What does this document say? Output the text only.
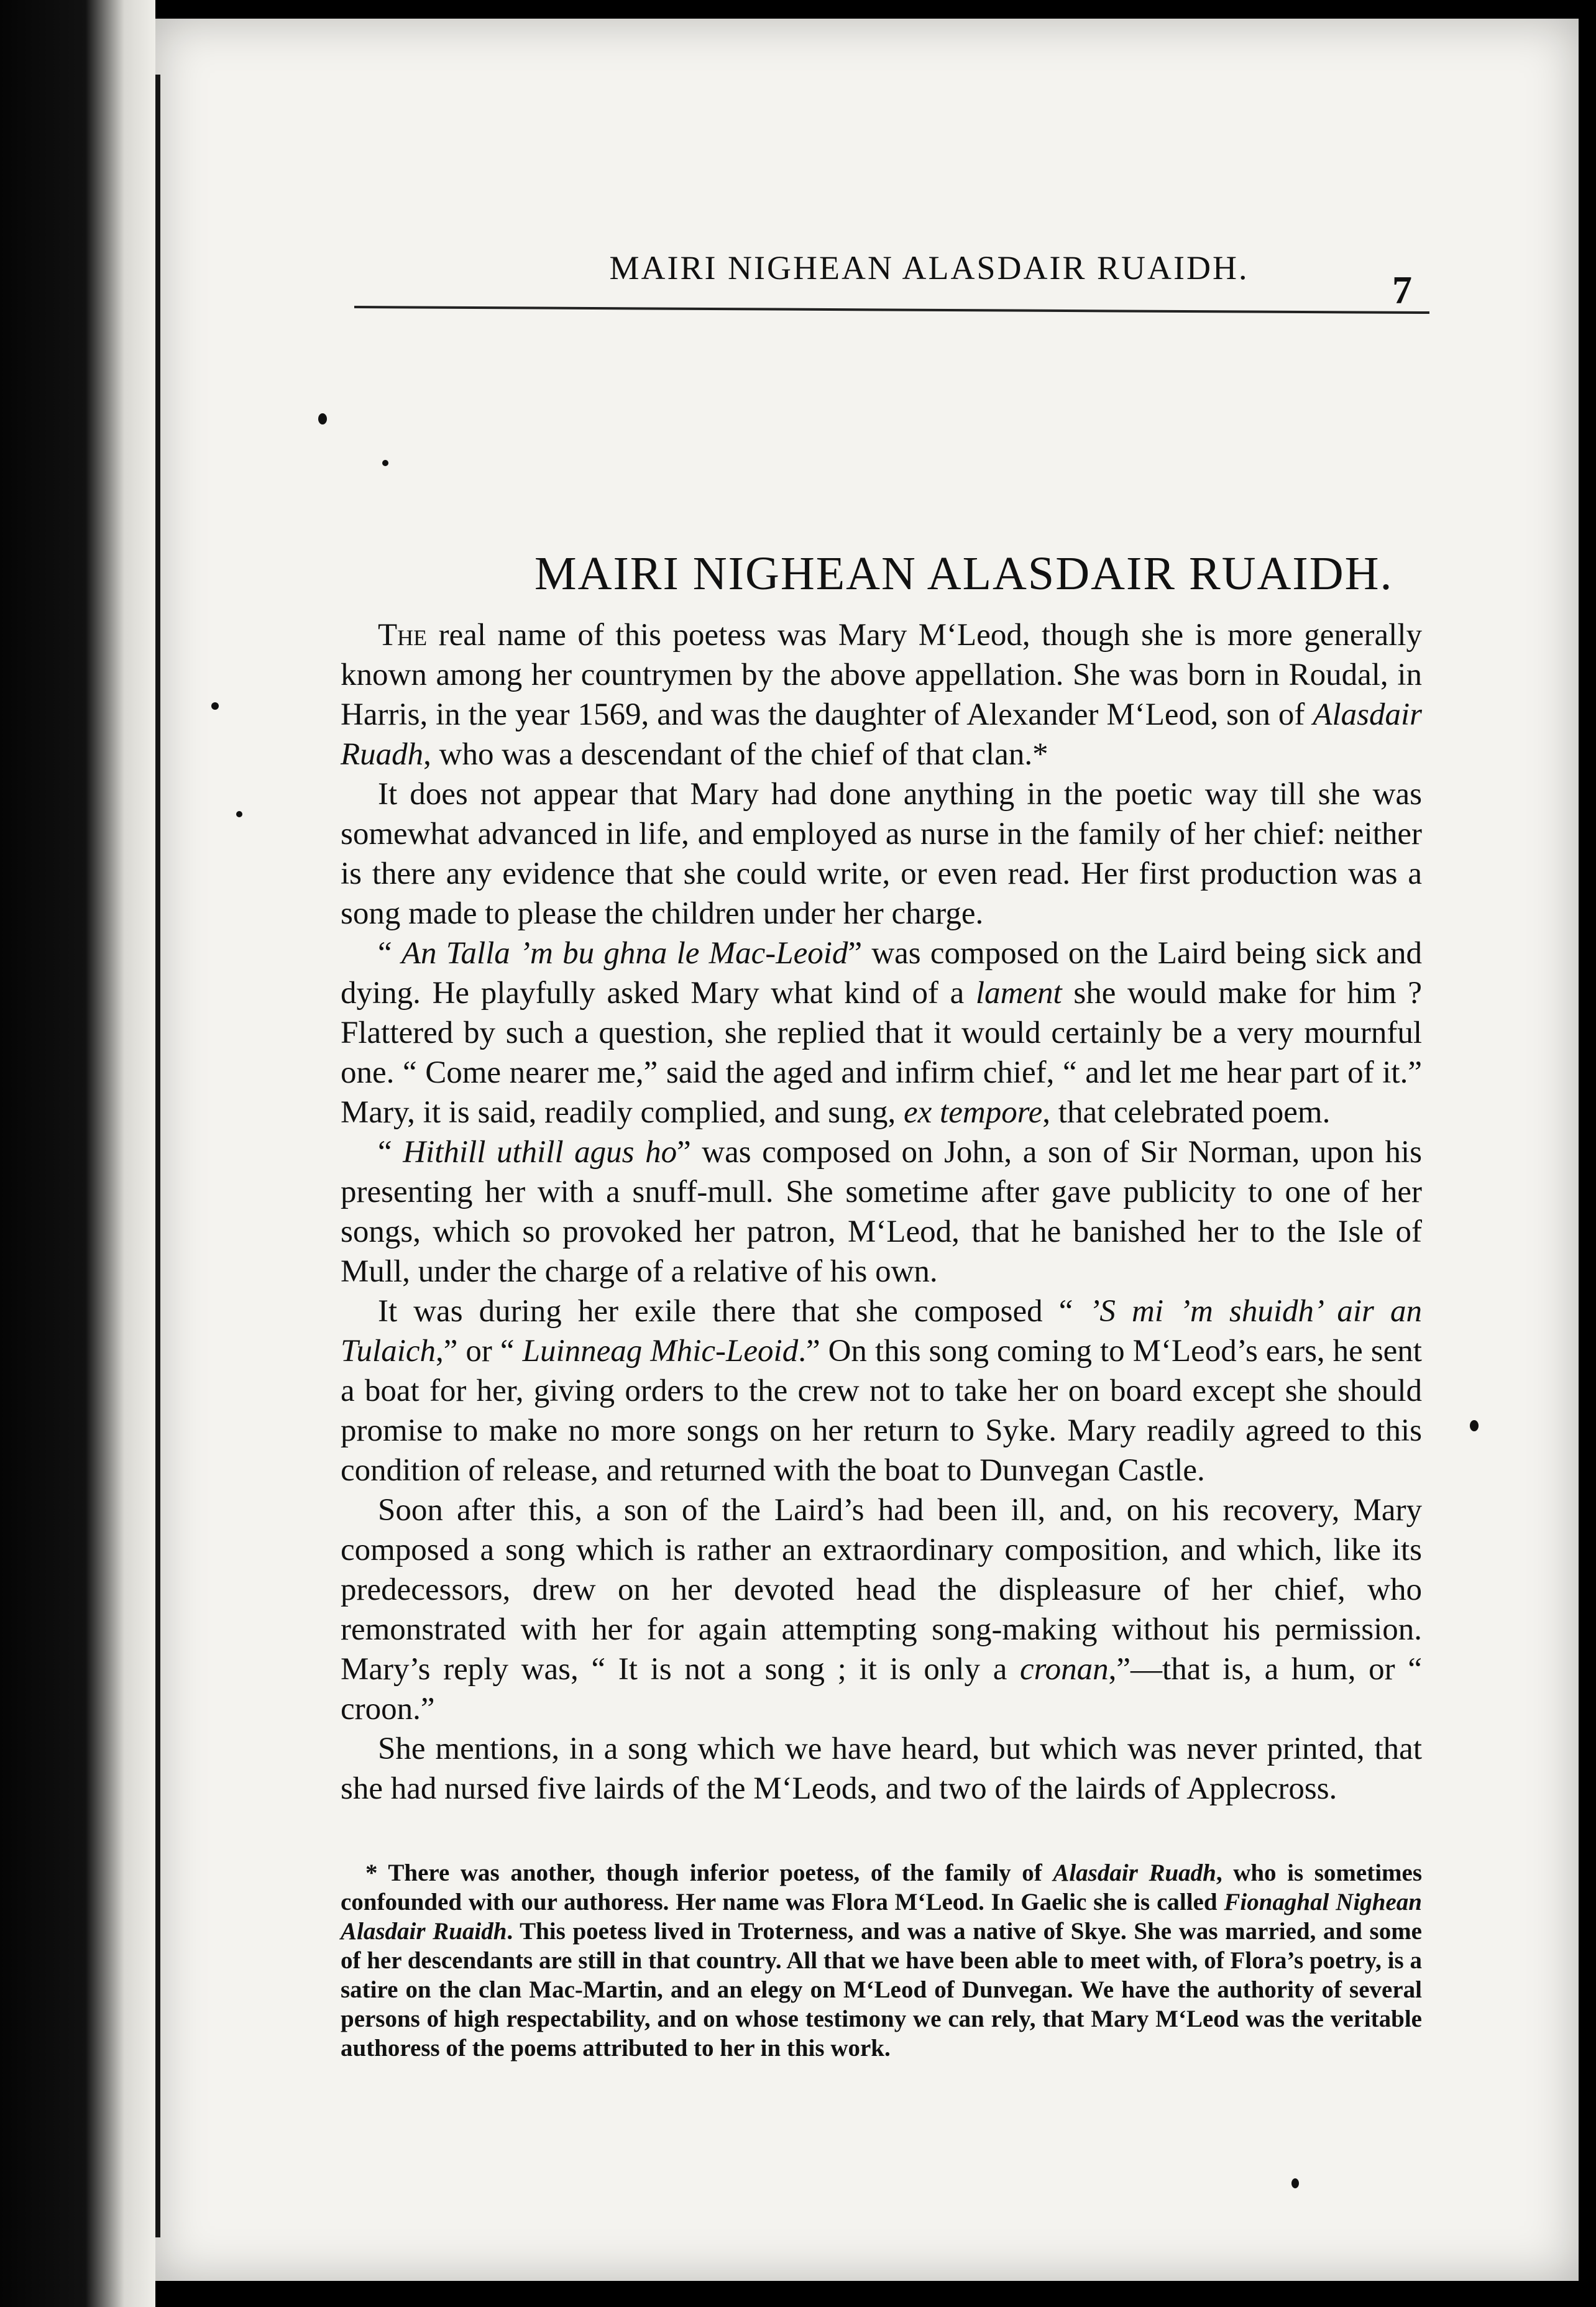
MAIRI NIGHEAN ALASDAIR RUAIDH.	7
MAIRI NIGHEAN ALASDAIR RUAIDH.

The real name of this poetess was Mary M‘Leod, though she is more generally known among her countrymen by the above appellation. She was born in Roudal, in Harris, in the year 1569, and was the daughter of Alexander M‘Leod, son of Alasdair Ruadh, who was a descendant of the chief of that clan.*

It does not appear that Mary had done anything in the poetic way till she was somewhat advanced in life, and employed as nurse in the family of her chief: neither is there any evidence that she could write, or even read. Her first production was a song made to please the children under her charge.

“ An Talla ’m bu ghna le Mac-Leoid” was composed on the Laird being sick and dying. He playfully asked Mary what kind of a lament she would make for him ? Flattered by such a question, she replied that it would certainly be a very mournful one. “ Come nearer me,” said the aged and infirm chief, “ and let me hear part of it.” Mary, it is said, readily complied, and sung, ex tempore, that celebrated poem.

“ Hithill uthill agus ho” was composed on John, a son of Sir Norman, upon his presenting her with a snuff-mull. She sometime after gave publicity to one of her songs, which so provoked her patron, M‘Leod, that he banished her to the Isle of Mull, under the charge of a relative of his own.

It was during her exile there that she composed “ ’S mi ’m shuidh’ air an Tulaich,” or “ Luinneag Mhic-Leoid.” On this song coming to M‘Leod’s ears, he sent a boat for her, giving orders to the crew not to take her on board except she should promise to make no more songs on her return to Syke. Mary readily agreed to this condition of release, and returned with the boat to Dunvegan Castle.

Soon after this, a son of the Laird’s had been ill, and, on his recovery, Mary composed a song which is rather an extraordinary composition, and which, like its predecessors, drew on her devoted head the displeasure of her chief, who remonstrated with her for again attempting song-making without his permission. Mary’s reply was, “ It is not a song ; it is only a cronan,”—that is, a hum, or “ croon.”

She mentions, in a song which we have heard, but which was never printed, that she had nursed five lairds of the M‘Leods, and two of the lairds of Applecross.

* There was another, though inferior poetess, of the family of Alasdair Ruadh, who is sometimes confounded with our authoress. Her name was Flora M‘Leod. In Gaelic she is called Fionaghal Nighean Alasdair Ruaidh. This poetess lived in Troterness, and was a native of Skye. She was married, and some of her descendants are still in that country. All that we have been able to meet with, of Flora’s poetry, is a satire on the clan Mac-Martin, and an elegy on M‘Leod of Dunvegan. We have the authority of several persons of high respectability, and on whose testimony we can rely, that Mary M‘Leod was the veritable authoress of the poems attributed to her in this work.
